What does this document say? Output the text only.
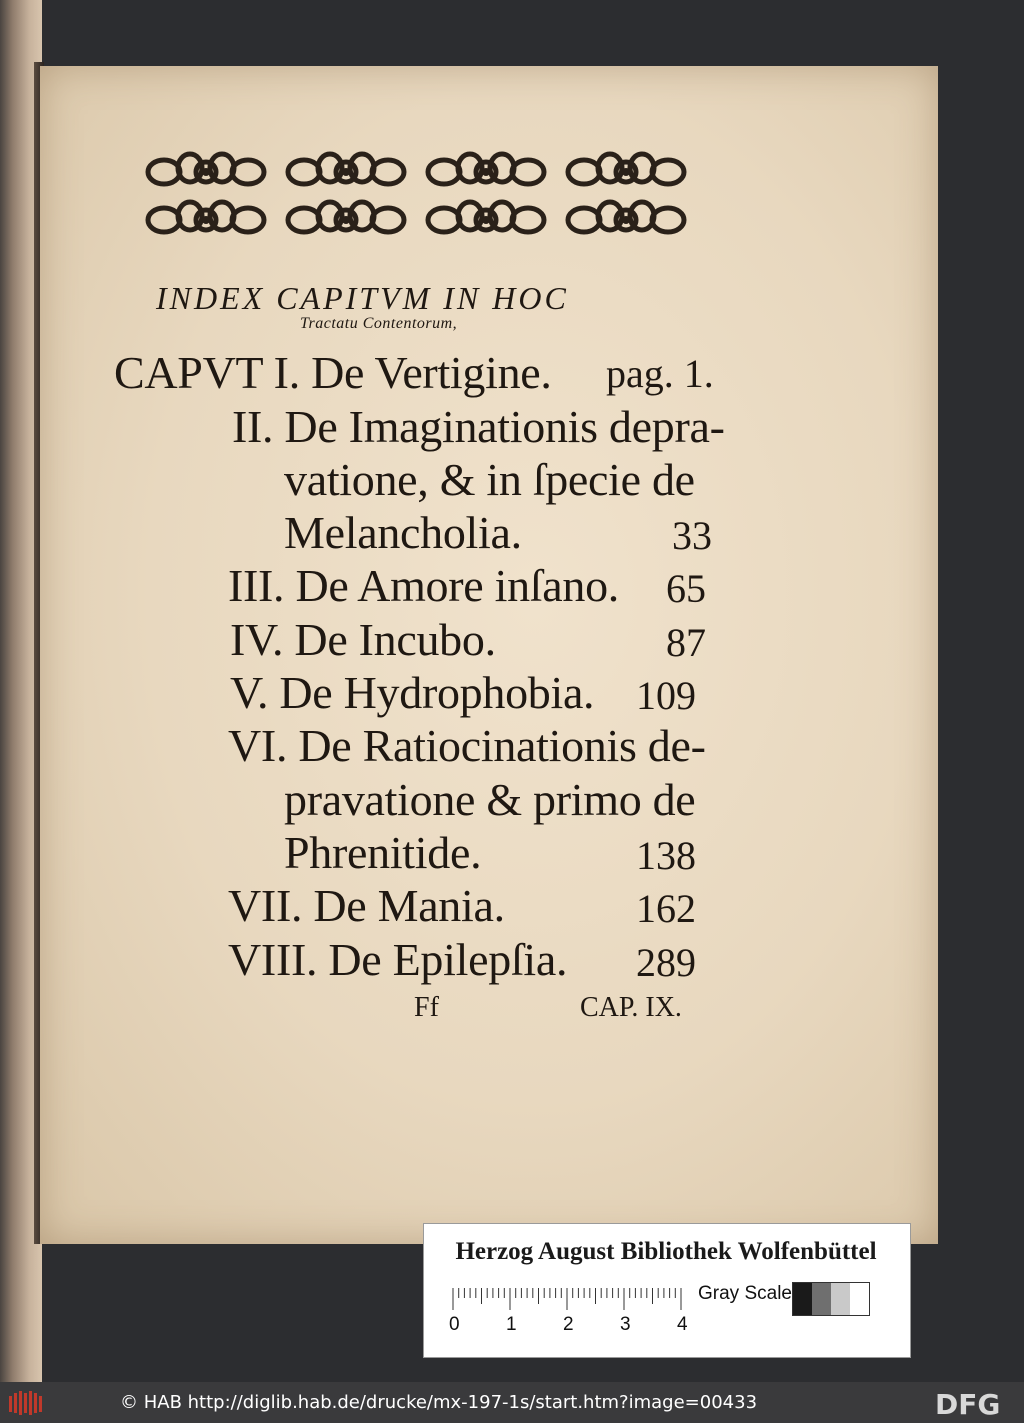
INDEX CAPITVM IN HOC
Tractatu Contentorum,
CAPVT I. De Vertigine. pag. 1.
II. De Imaginationis depra-
vatione, & in ſpecie de
Melancholia.	33
III. De Amore inſano. 65
IV. De Incubo.	87
V. De Hydrophobia. 109
VI. De Ratiocinationis de-
pravatione & primo de
Phrenitide.	138
VII. De Mania.	162
VIII. De Epilepſia. 289
Ff	CAP. IX.
Herzog August Bibliothek Wolfenbüttel
0 1 2 3 4
Gray Scale
© HAB http://diglib.hab.de/drucke/mx-197-1s/start.htm?image=00433	DFG
